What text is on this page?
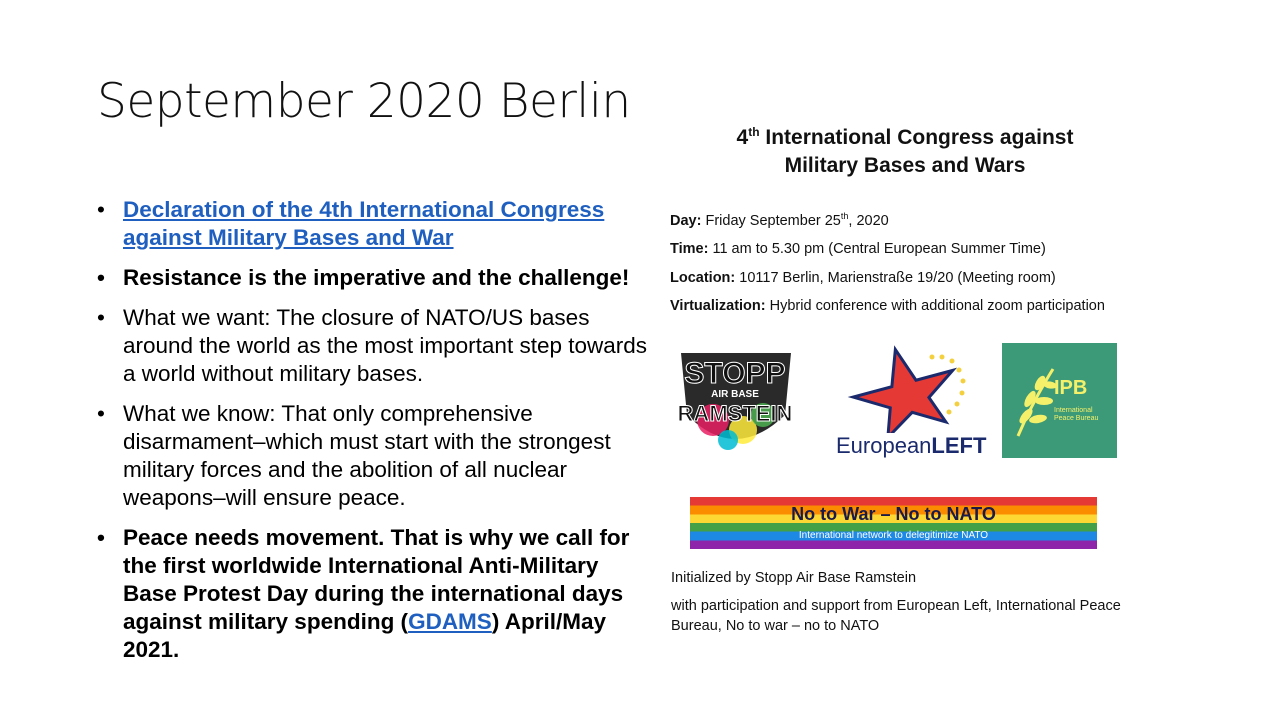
September 2020 Berlin
• Declaration of the 4th International Congress against Military Bases and War
• Resistance is the imperative and the challenge!
• What we want: The closure of NATO/US bases around the world as the most important step towards a world without military bases.
• What we know: That only comprehensive disarmament–which must start with the strongest military forces and the abolition of all nuclear weapons–will ensure peace.
• Peace needs movement. That is why we call for the first worldwide International Anti-Military Base Protest Day during the international days against military spending (GDAMS) April/May 2021.
4th International Congress against
Military Bases and Wars
Day: Friday September 25th, 2020
Time: 11 am to 5.30 pm (Central European Summer Time)
Location: 10117 Berlin, Marienstraße 19/20 (Meeting room)
Virtualization: Hybrid conference with additional zoom participation
STOPP
AIR BASE
RAMSTEIN
EuropeanLEFT
IPB
International
Peace Bureau
No to War – No to NATO
International network to delegitimize NATO

Initialized by Stopp Air Base Ramstein

with participation and support from European Left, International Peace Bureau, No to war – no to NATO
